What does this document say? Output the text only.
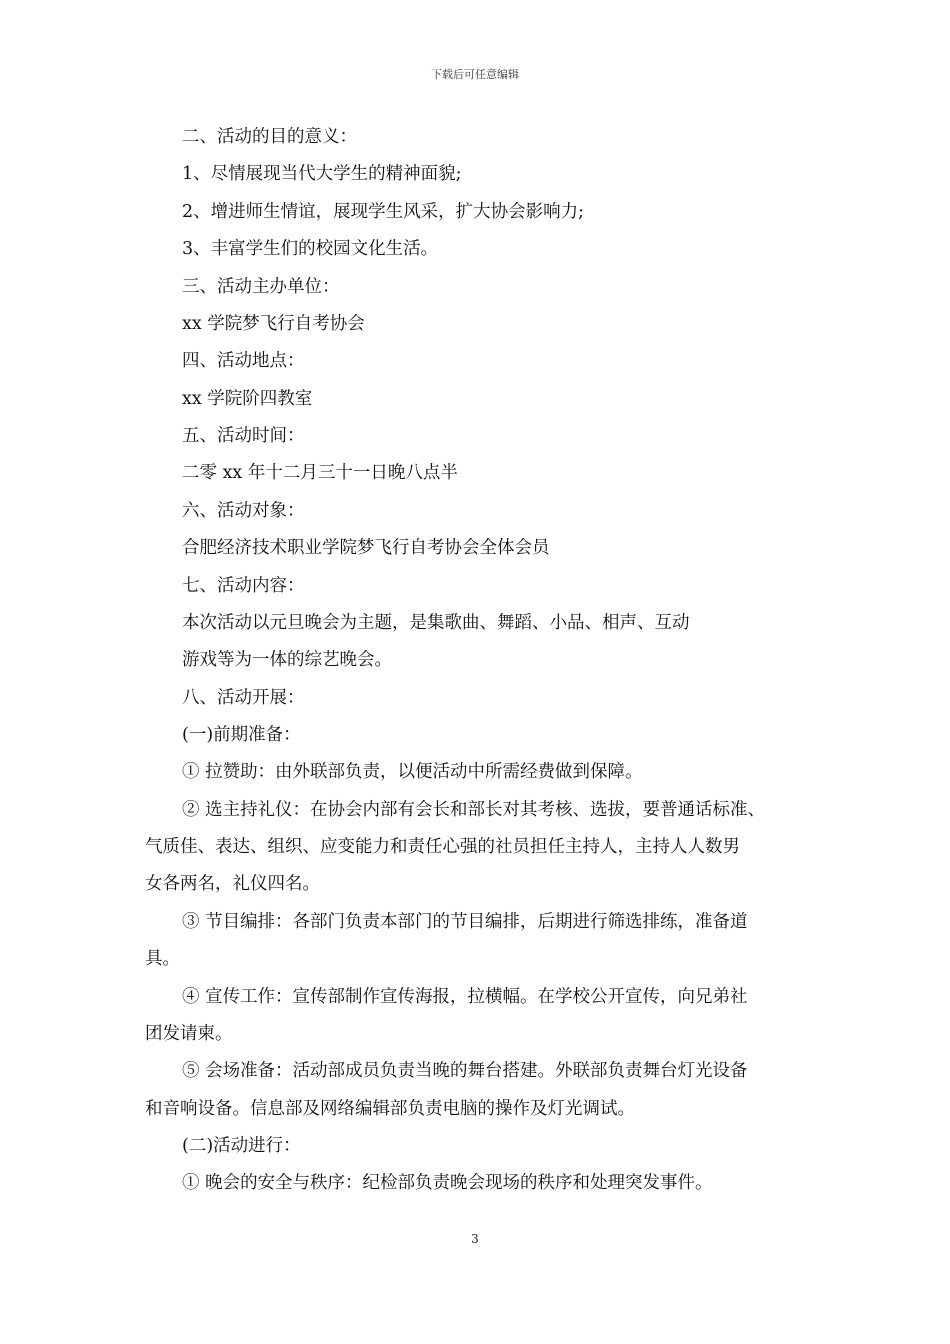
下载后可任意编辑
二、活动的目的意义：
1、尽情展现当代大学生的精神面貌;
2、增进师生情谊，展现学生风采，扩大协会影响力;
3、丰富学生们的校园文化生活。
三、活动主办单位：
xx 学院梦飞行自考协会
四、活动地点：
xx 学院阶四教室
五、活动时间：
二零 xx 年十二月三十一日晚八点半
六、活动对象：
合肥经济技术职业学院梦飞行自考协会全体会员
七、活动内容：
本次活动以元旦晚会为主题，是集歌曲、舞蹈、小品、相声、互动
游戏等为一体的综艺晚会。
八、活动开展：
(一)前期准备：
① 拉赞助：由外联部负责，以便活动中所需经费做到保障。
② 选主持礼仪：在协会内部有会长和部长对其考核、选拔，要普通话标准、
气质佳、表达、组织、应变能力和责任心强的社员担任主持人，主持人人数男
女各两名，礼仪四名。
③ 节目编排：各部门负责本部门的节目编排，后期进行筛选排练，准备道
具。
④ 宣传工作：宣传部制作宣传海报，拉横幅。在学校公开宣传，向兄弟社
团发请柬。
⑤ 会场准备：活动部成员负责当晚的舞台搭建。外联部负责舞台灯光设备
和音响设备。信息部及网络编辑部负责电脑的操作及灯光调试。
(二)活动进行：
① 晚会的安全与秩序：纪检部负责晚会现场的秩序和处理突发事件。
3
